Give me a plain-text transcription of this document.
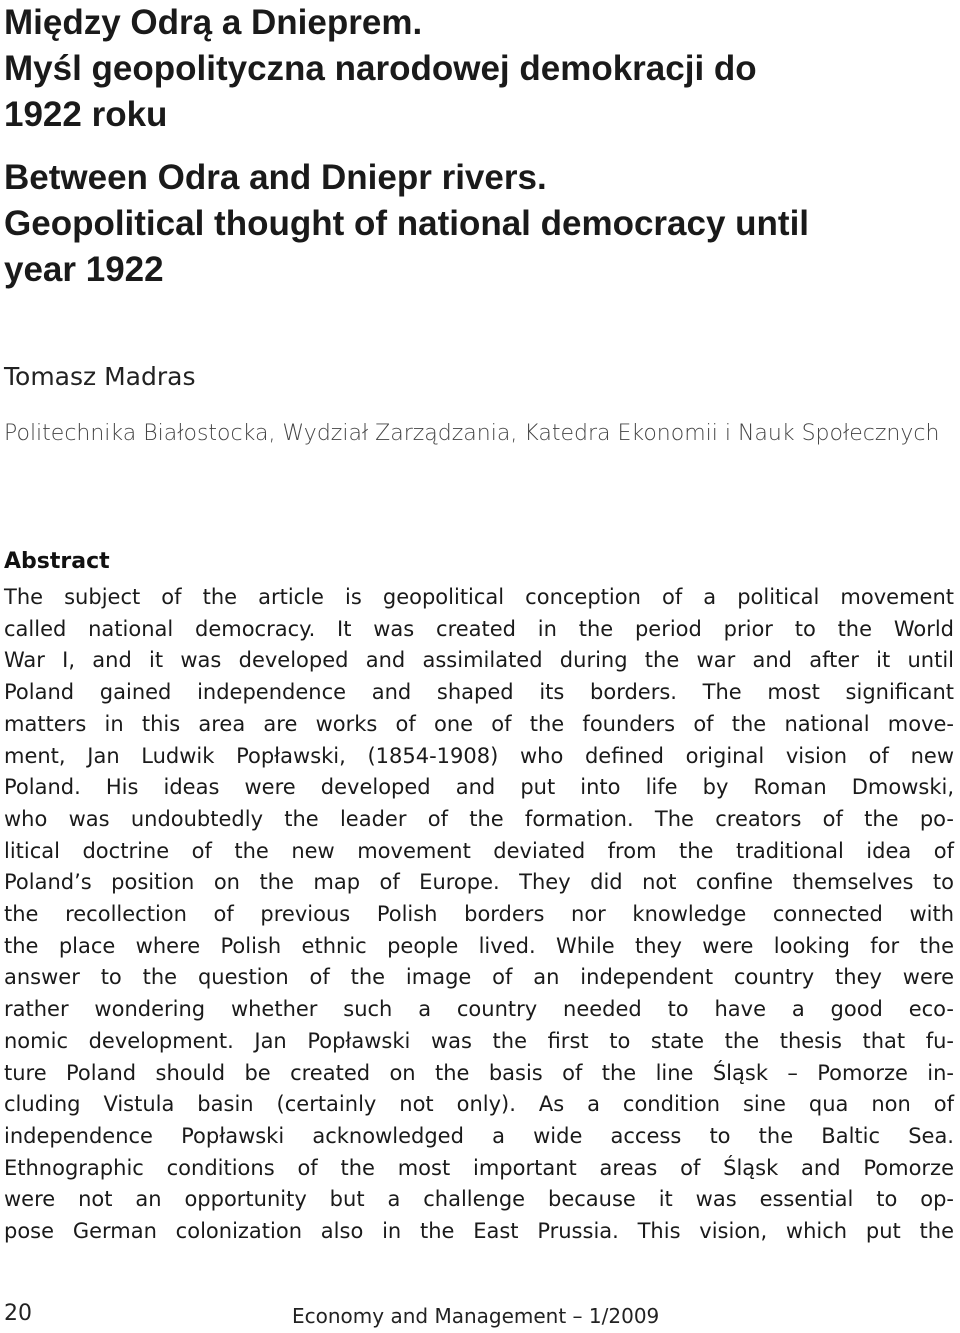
Między Odrą a Dnieprem.
Myśl geopolityczna narodowej demokracji do
1922 roku
Between Odra and Dniepr rivers.
Geopolitical thought of national democracy until
year 1922
Tomasz Madras
Politechnika Białostocka, Wydział Zarządzania, Katedra Ekonomii i Nauk Społecznych
Abstract
The subject of the article is geopolitical conception of a political movement
called national democracy. It was created in the period prior to the World
War I, and it was developed and assimilated during the war and after it until
Poland gained independence and shaped its borders. The most significant
matters in this area are works of one of the founders of the national move-
ment, Jan Ludwik Popławski, (1854-1908) who defined original vision of new
Poland. His ideas were developed and put into life by Roman Dmowski,
who was undoubtedly the leader of the formation. The creators of the po-
litical doctrine of the new movement deviated from the traditional idea of
Poland’s position on the map of Europe. They did not confine themselves to
the recollection of previous Polish borders nor knowledge connected with
the place where Polish ethnic people lived. While they were looking for the
answer to the question of the image of an independent country they were
rather wondering whether such a country needed to have a good eco-
nomic development. Jan Popławski was the first to state the thesis that fu-
ture Poland should be created on the basis of the line Śląsk – Pomorze in-
cluding Vistula basin (certainly not only). As a condition sine qua non of
independence Popławski acknowledged a wide access to the Baltic Sea.
Ethnographic conditions of the most important areas of Śląsk and Pomorze
were not an opportunity but a challenge because it was essential to op-
pose German colonization also in the East Prussia. This vision, which put the
20	Economy and Management – 1/2009
